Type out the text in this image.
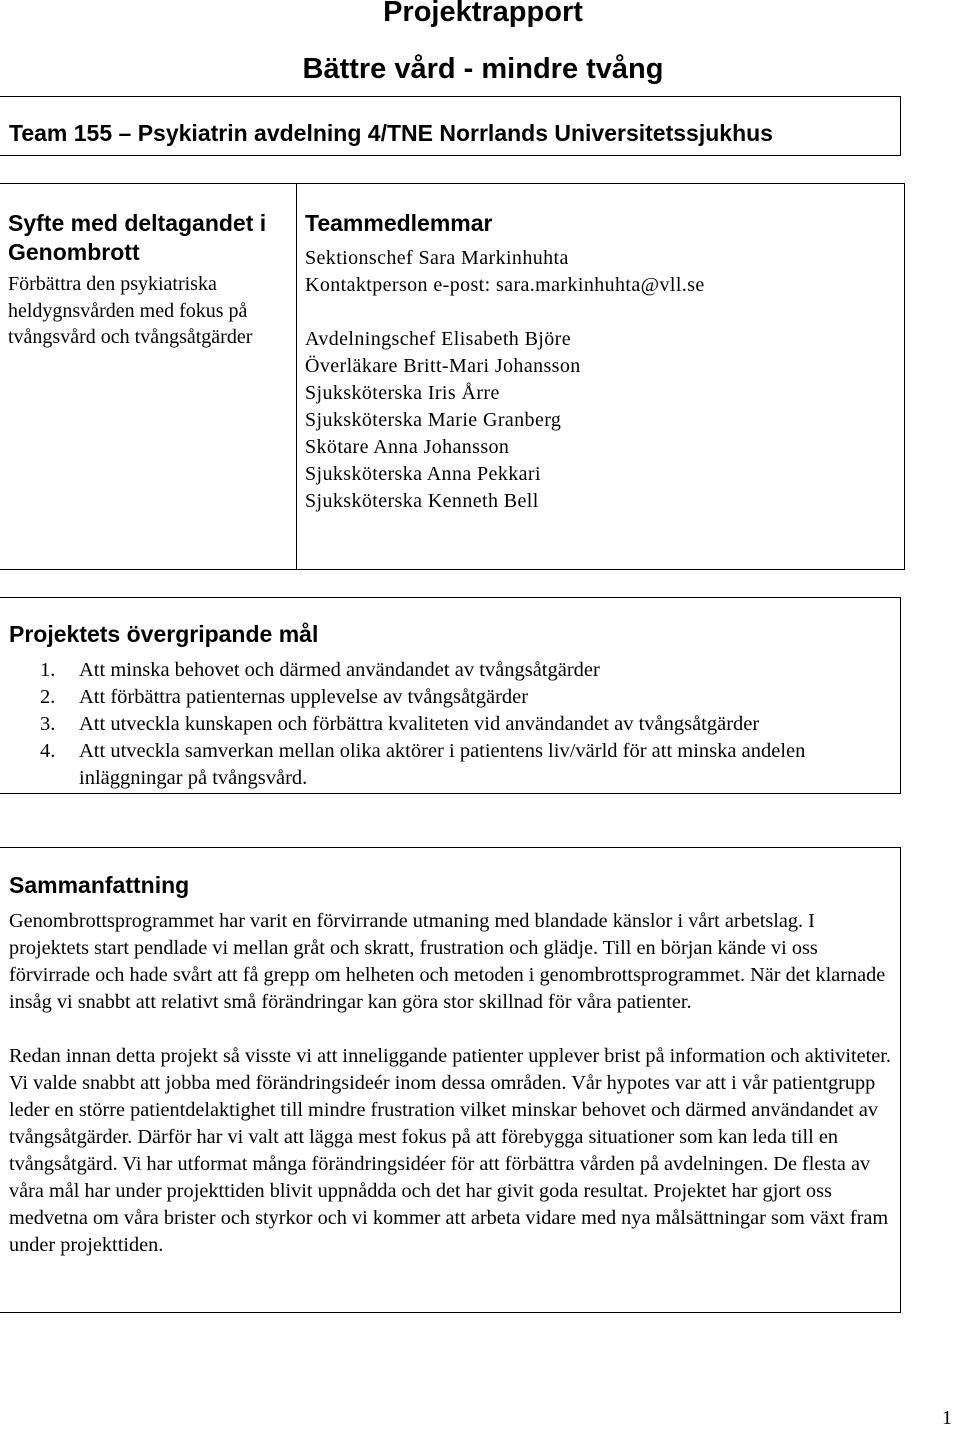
Projektrapport
Bättre vård - mindre tvång
Team 155 – Psykiatrin avdelning 4/TNE Norrlands Universitetssjukhus

Syfte med deltagandet i Genombrott

Förbättra den psykiatriska heldygnsvården med fokus på tvångsvård och tvångsåtgärder

Teammedlemmar

Sektionschef Sara Markinhuhta
Kontaktperson e-post: sara.markinhuhta@vll.se
Avdelningschef Elisabeth Björe
Överläkare Britt-Mari Johansson
Sjuksköterska Iris Årre
Sjuksköterska Marie Granberg
Skötare Anna Johansson
Sjuksköterska Anna Pekkari
Sjuksköterska Kenneth Bell

Projektets övergripande mål

1. Att minska behovet och därmed användandet av tvångsåtgärder
2. Att förbättra patienternas upplevelse av tvångsåtgärder
3. Att utveckla kunskapen och förbättra kvaliteten vid användandet av tvångsåtgärder
4. Att utveckla samverkan mellan olika aktörer i patientens liv/värld för att minska andelen inläggningar på tvångsvård.

Sammanfattning

Genombrottsprogrammet har varit en förvirrande utmaning med blandade känslor i vårt arbetslag. I projektets start pendlade vi mellan gråt och skratt, frustration och glädje. Till en början kände vi oss förvirrade och hade svårt att få grepp om helheten och metoden i genombrottsprogrammet. När det klarnade insåg vi snabbt att relativt små förändringar kan göra stor skillnad för våra patienter.

Redan innan detta projekt så visste vi att inneliggande patienter upplever brist på information och aktiviteter. Vi valde snabbt att jobba med förändringsideér inom dessa områden. Vår hypotes var att i vår patientgrupp leder en större patientdelaktighet till mindre frustration vilket minskar behovet och därmed användandet av tvångsåtgärder. Därför har vi valt att lägga mest fokus på att förebygga situationer som kan leda till en tvångsåtgärd. Vi har utformat många förändringsidéer för att förbättra vården på avdelningen. De flesta av våra mål har under projekttiden blivit uppnådda och det har givit goda resultat. Projektet har gjort oss medvetna om våra brister och styrkor och vi kommer att arbeta vidare med nya målsättningar som växt fram under projekttiden.

1
